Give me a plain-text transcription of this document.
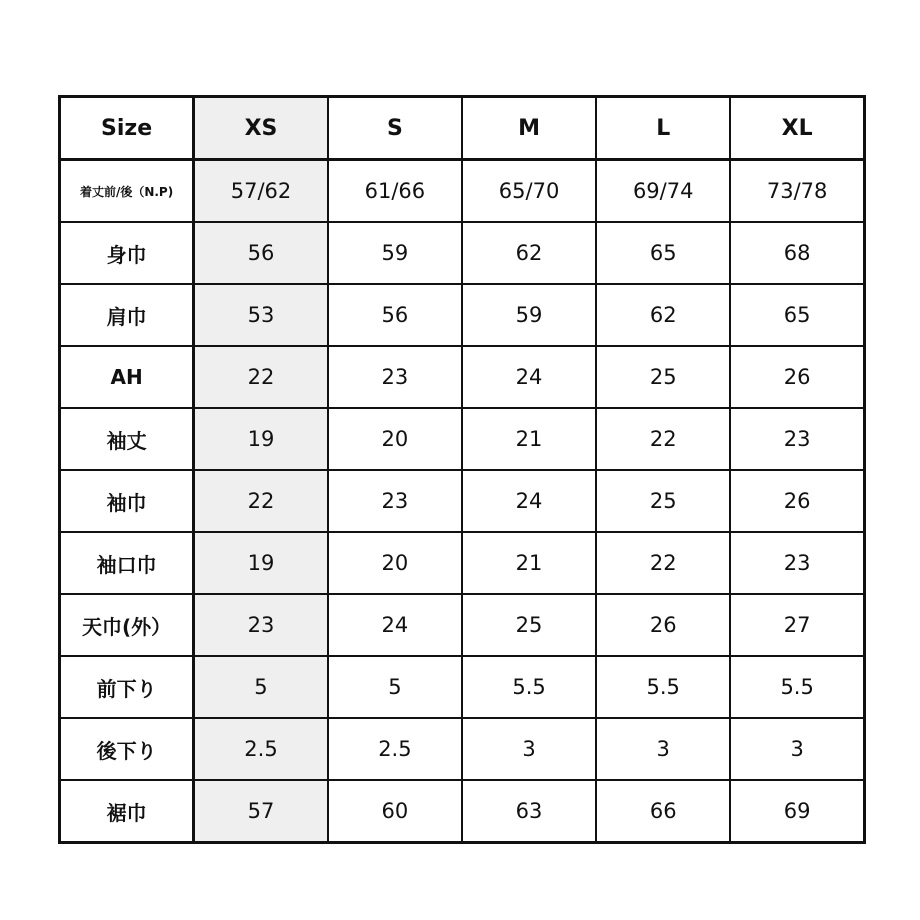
Size	XS	S	M	L	XL
着丈前/後（N.P)	57/62	61/66	65/70	69/74	73/78
身巾	56	59	62	65	68
肩巾	53	56	59	62	65
AH	22	23	24	25	26
袖丈	19	20	21	22	23
袖巾	22	23	24	25	26
袖口巾	19	20	21	22	23
天巾(外）	23	24	25	26	27
前下り	5	5	5.5	5.5	5.5
後下り	2.5	2.5	3	3	3
裾巾	57	60	63	66	69
